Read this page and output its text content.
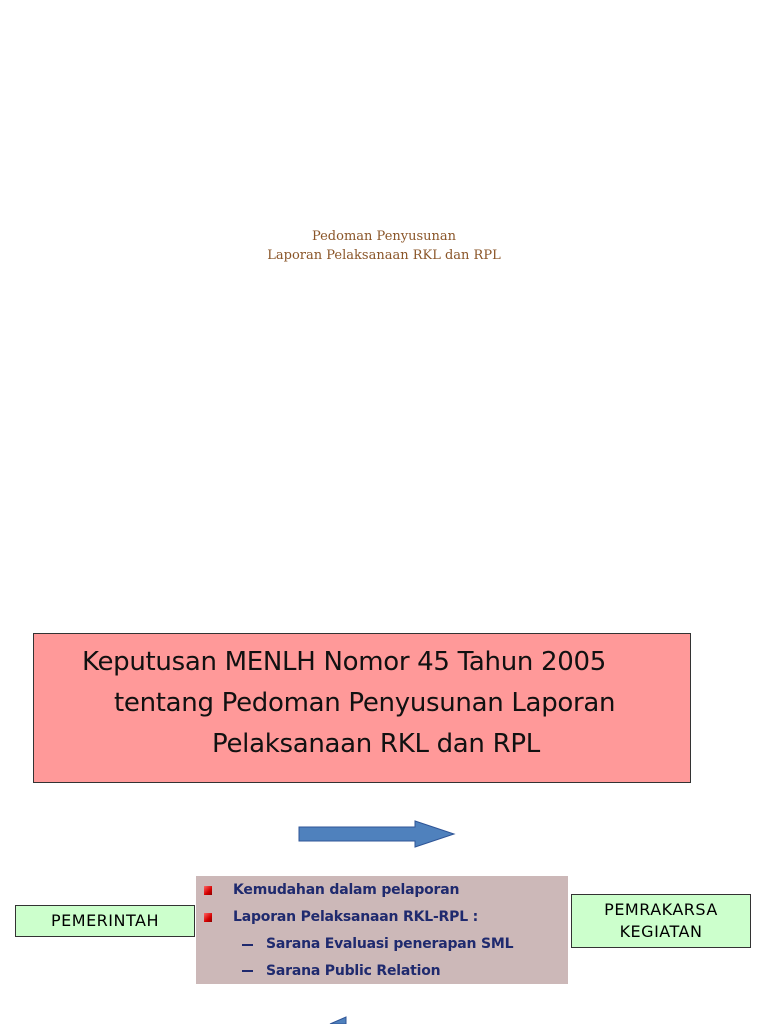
Pedoman Penyusunan
Laporan Pelaksanaan RKL dan RPL
Keputusan MENLH Nomor 45 Tahun 2005
tentang Pedoman Penyusunan Laporan
Pelaksanaan RKL dan RPL
PEMERINTAH
Kemudahan dalam pelaporan
Laporan Pelaksanaan RKL-RPL :
Sarana Evaluasi penerapan SML
Sarana Public Relation
PEMRAKARSA
KEGIATAN
